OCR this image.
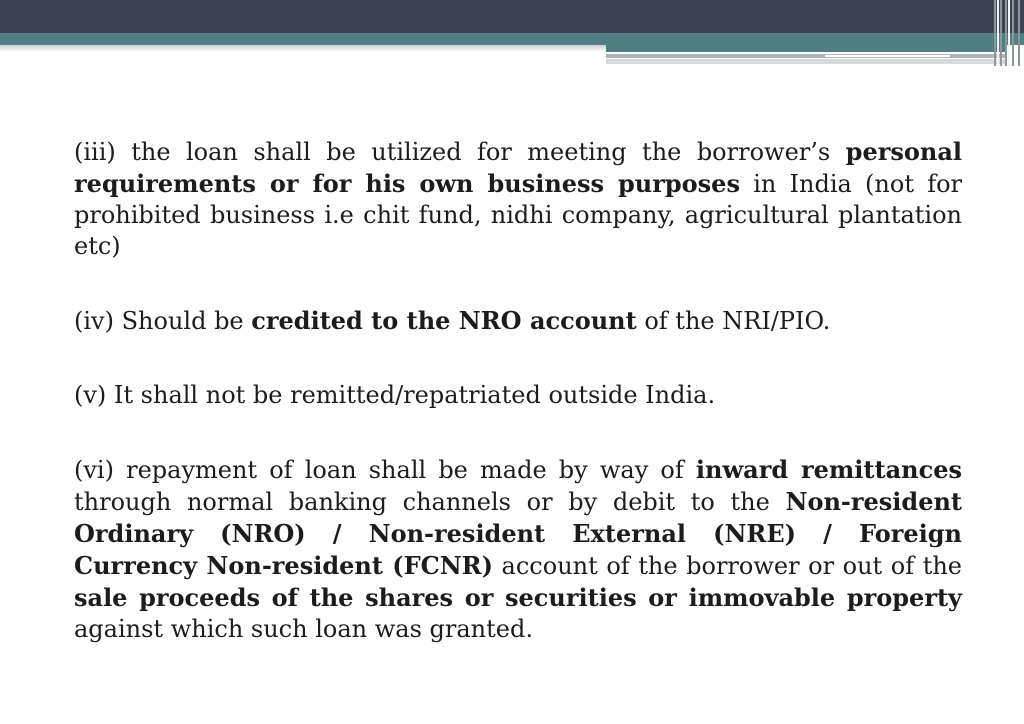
(iii) the loan shall be utilized for meeting the borrower’s personal requirements or for his own business purposes in India (not for prohibited business i.e chit fund, nidhi company, agricultural plantation etc)

(iv) Should be credited to the NRO account of the NRI/PIO.

(v) It shall not be remitted/repatriated outside India.

(vi) repayment of loan shall be made by way of inward remittances through normal banking channels or by debit to the Non-resident Ordinary (NRO) / Non-resident External (NRE) / Foreign Currency Non-resident (FCNR) account of the borrower or out of the sale proceeds of the shares or securities or immovable property against which such loan was granted.
